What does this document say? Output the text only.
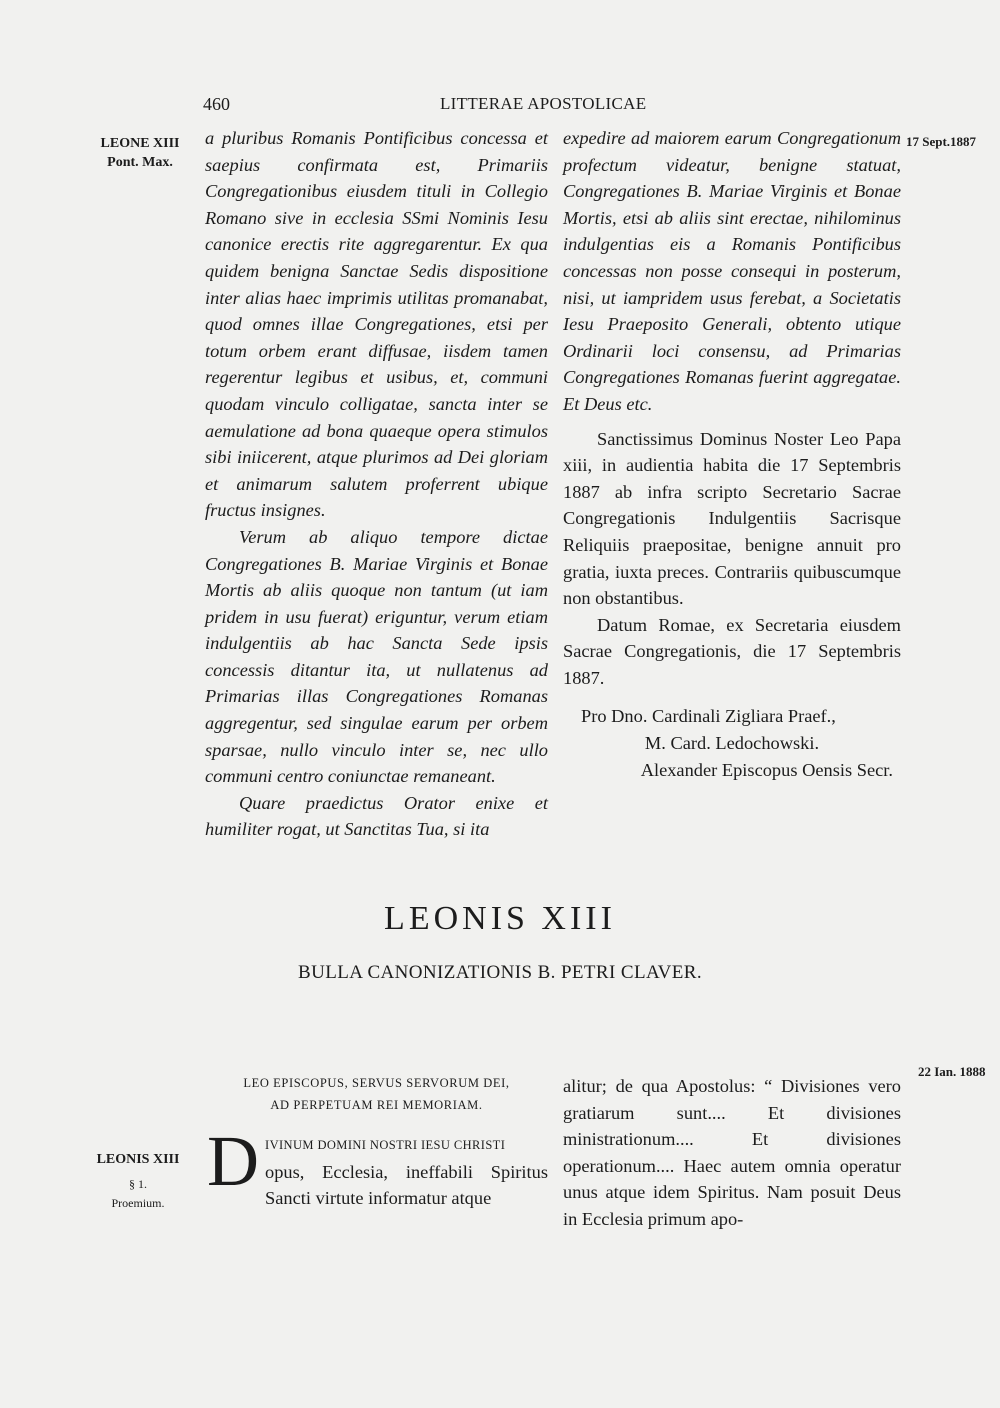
460	LITTERAE APOSTOLICAE
LEONE XIII
Pont. Max.
17 Sept.1887

a pluribus Romanis Pontificibus concessa et saepius confirmata est, Primariis Congregationibus eiusdem tituli in Collegio Romano sive in ecclesia SSmi Nominis Iesu canonice erectis rite aggregarentur. Ex qua quidem benigna Sanctae Sedis dispositione inter alias haec imprimis utilitas promanabat, quod omnes illae Congregationes, etsi per totum orbem erant diffusae, iisdem tamen regerentur legibus et usibus, et, communi quodam vinculo colligatae, sancta inter se aemulatione ad bona quaeque opera stimulos sibi iniicerent, atque plurimos ad Dei gloriam et animarum salutem proferrent ubique fructus insignes.

Verum ab aliquo tempore dictae Congregationes B. Mariae Virginis et Bonae Mortis ab aliis quoque non tantum (ut iam pridem in usu fuerat) eriguntur, verum etiam indulgentiis ab hac Sancta Sede ipsis concessis ditantur ita, ut nullatenus ad Primarias illas Congregationes Romanas aggregentur, sed singulae earum per orbem sparsae, nullo vinculo inter se, nec ullo communi centro coniunctae remaneant.

Quare praedictus Orator enixe et humiliter rogat, ut Sanctitas Tua, si ita

expedire ad maiorem earum Congregationum profectum videatur, benigne statuat, Congregationes B. Mariae Virginis et Bonae Mortis, etsi ab aliis sint erectae, nihilominus indulgentias eis a Romanis Pontificibus concessas non posse consequi in posterum, nisi, ut iampridem usus ferebat, a Societatis Iesu Praeposito Generali, obtento utique Ordinarii loci consensu, ad Primarias Congregationes Romanas fuerint aggregatae. Et Deus etc.

Sanctissimus Dominus Noster Leo Papa xiii, in audientia habita die 17 Septembris 1887 ab infra scripto Secretario Sacrae Congregationis Indulgentiis Sacrisque Reliquiis praepositae, benigne annuit pro gratia, iuxta preces. Contrariis quibuscumque non obstantibus.

Datum Romae, ex Secretaria eiusdem Sacrae Congregationis, die 17 Septembris 1887.

Pro Dno. Cardinali Zigliara Praef.,

M. Card. Ledochowski.

Alexander Episcopus Oensis Secr.

LEONIS XIII
BULLA CANONIZATIONIS B. PETRI CLAVER.
LEO EPISCOPUS, SERVUS SERVORUM DEI,
AD PERPETUAM REI MEMORIAM.
22 Ian. 1888
LEONIS XIII
§ 1.
Proemium.
D IVINUM DOMINI NOSTRI IESU CHRISTI
opus, Ecclesia, ineffabili Spiritus Sancti virtute informatur atque

alitur; de qua Apostolus: “ Divisiones vero gratiarum sunt.... Et divisiones ministrationum.... Et divisiones operationum.... Haec autem omnia operatur unus atque idem Spiritus. Nam posuit Deus in Ecclesia primum apo-
